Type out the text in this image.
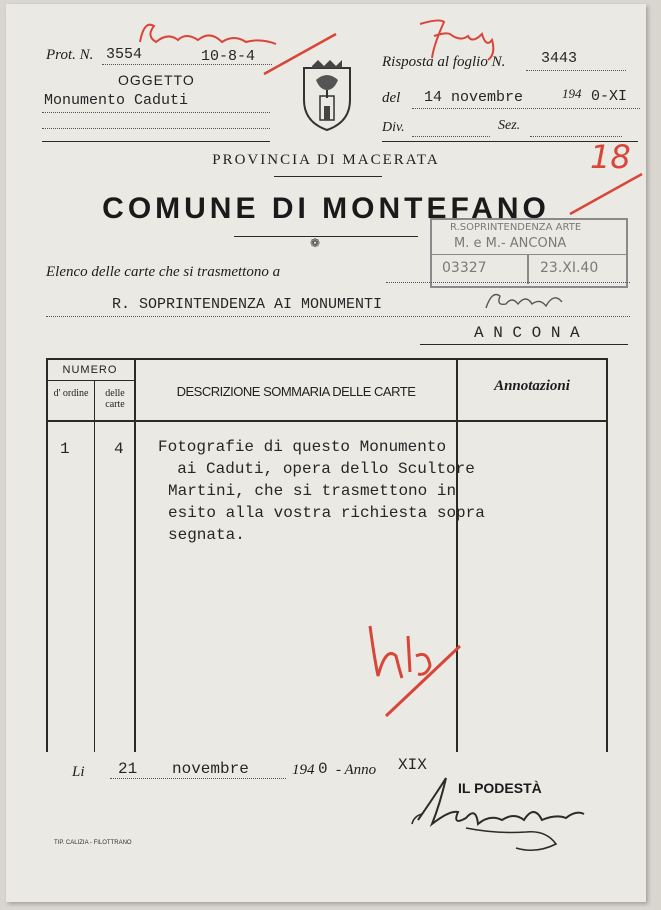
Prot. N. 3554	10-8-4
OGGETTO
Monumento Caduti
Risposta al foglio N. 3443
del 14 novembre	194 0-XI
Div.	Sez.
PROVINCIA DI MACERATA
COMUNE DI MONTEFANO
❁
R.SOPRINTENDENZA ARTE
M. e M.- ANCONA
03327	23.XI.40
Elenco delle carte che si trasmettono a
R. SOPRINTENDENZA AI MONUMENTI
A N C O N A
NUMERO
d' ordine	delle carte
DESCRIZIONE SOMMARIA DELLE CARTE	Annotazioni
1	4 Fotografie di questo Monumento
ai Caduti, opera dello Scultore
Martini, che si trasmettono in
esito alla vostra richiesta sopra
segnata.
Li 21 novembre	194 0 - Anno XIX
IL PODESTÀ
TIP. CALIZIA - FILOTTRANO
18
